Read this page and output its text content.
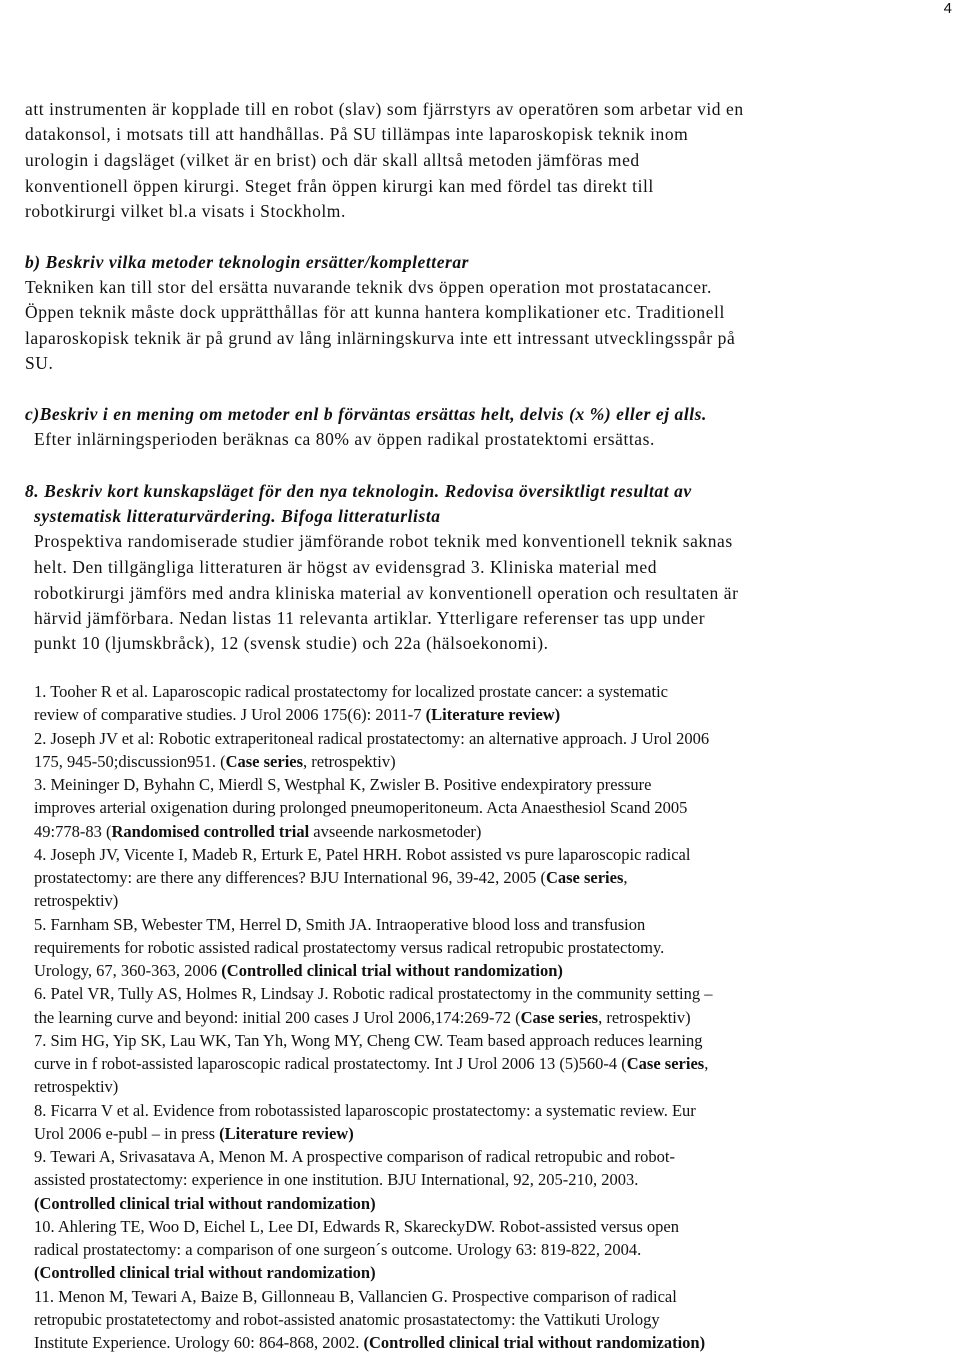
4
att instrumenten är kopplade till en robot (slav) som fjärrstyrs av operatören som arbetar vid en
datakonsol, i motsats till att handhållas. På SU tillämpas inte laparoskopisk teknik inom
urologin i dagsläget (vilket är en brist) och där skall alltså metoden jämföras med
konventionell öppen kirurgi. Steget från öppen kirurgi kan med fördel tas direkt till
robotkirurgi vilket bl.a visats i Stockholm.
b) Beskriv vilka metoder teknologin ersätter/kompletterar
Tekniken kan till stor del ersätta nuvarande teknik dvs öppen operation mot prostatacancer.
Öppen teknik måste dock upprätthållas för att kunna hantera komplikationer etc. Traditionell
laparoskopisk teknik är på grund av lång inlärningskurva inte ett intressant utvecklingsspår på
SU.
c)Beskriv i en mening om metoder enl b förväntas ersättas helt, delvis (x %) eller ej alls.
Efter inlärningsperioden beräknas ca 80% av öppen radikal prostatektomi ersättas.
8. Beskriv kort kunskapsläget för den nya teknologin. Redovisa översiktligt resultat av
systematisk litteraturvärdering. Bifoga litteraturlista
Prospektiva randomiserade studier jämförande robot teknik med konventionell teknik saknas
helt. Den tillgängliga litteraturen är högst av evidensgrad 3. Kliniska material med
robotkirurgi jämförs med andra kliniska material av konventionell operation och resultaten är
härvid jämförbara. Nedan listas 11 relevanta artiklar. Ytterligare referenser tas upp under
punkt 10 (ljumskbråck), 12 (svensk studie) och 22a (hälsoekonomi).
1. Tooher R et al. Laparoscopic radical prostatectomy for localized prostate cancer: a systematic
review of comparative studies. J Urol 2006 175(6): 2011-7 (Literature review)
2. Joseph JV et al: Robotic extraperitoneal radical prostatectomy: an alternative approach. J Urol 2006
175, 945-50;discussion951. (Case series, retrospektiv)
3. Meininger D, Byhahn C, Mierdl S, Westphal K, Zwisler B. Positive endexpiratory pressure
improves arterial oxigenation during prolonged pneumoperitoneum. Acta Anaesthesiol Scand 2005
49:778-83 (Randomised controlled trial avseende narkosmetoder)
4. Joseph JV, Vicente I, Madeb R, Erturk E, Patel HRH. Robot assisted vs pure laparoscopic radical
prostatectomy: are there any differences? BJU International 96, 39-42, 2005 (Case series,
retrospektiv)
5. Farnham SB, Webester TM, Herrel D, Smith JA. Intraoperative blood loss and transfusion
requirements for robotic assisted radical prostatectomy versus radical retropubic prostatectomy.
Urology, 67, 360-363, 2006 (Controlled clinical trial without randomization)
6. Patel VR, Tully AS, Holmes R, Lindsay J. Robotic radical prostatectomy in the community setting –
the learning curve and beyond: initial 200 cases J Urol 2006,174:269-72 (Case series, retrospektiv)
7. Sim HG, Yip SK, Lau WK, Tan Yh, Wong MY, Cheng CW. Team based approach reduces learning
curve in f robot-assisted laparoscopic radical prostatectomy. Int J Urol 2006 13 (5)560-4 (Case series,
retrospektiv)
8. Ficarra V et al. Evidence from robotassisted laparoscopic prostatectomy: a systematic review. Eur
Urol 2006 e-publ – in press (Literature review)
9. Tewari A, Srivasatava A, Menon M. A prospective comparison of radical retropubic and robot-
assisted prostatectomy: experience in one institution. BJU International, 92, 205-210, 2003.
(Controlled clinical trial without randomization)
10. Ahlering TE, Woo D, Eichel L, Lee DI, Edwards R, SkareckyDW. Robot-assisted versus open
radical prostatectomy: a comparison of one surgeon´s outcome. Urology 63: 819-822, 2004.
(Controlled clinical trial without randomization)
11. Menon M, Tewari A, Baize B, Gillonneau B, Vallancien G. Prospective comparison of radical
retropubic prostatetectomy and robot-assisted anatomic prosastatectomy: the Vattikuti Urology
Institute Experience. Urology 60: 864-868, 2002. (Controlled clinical trial without randomization)
